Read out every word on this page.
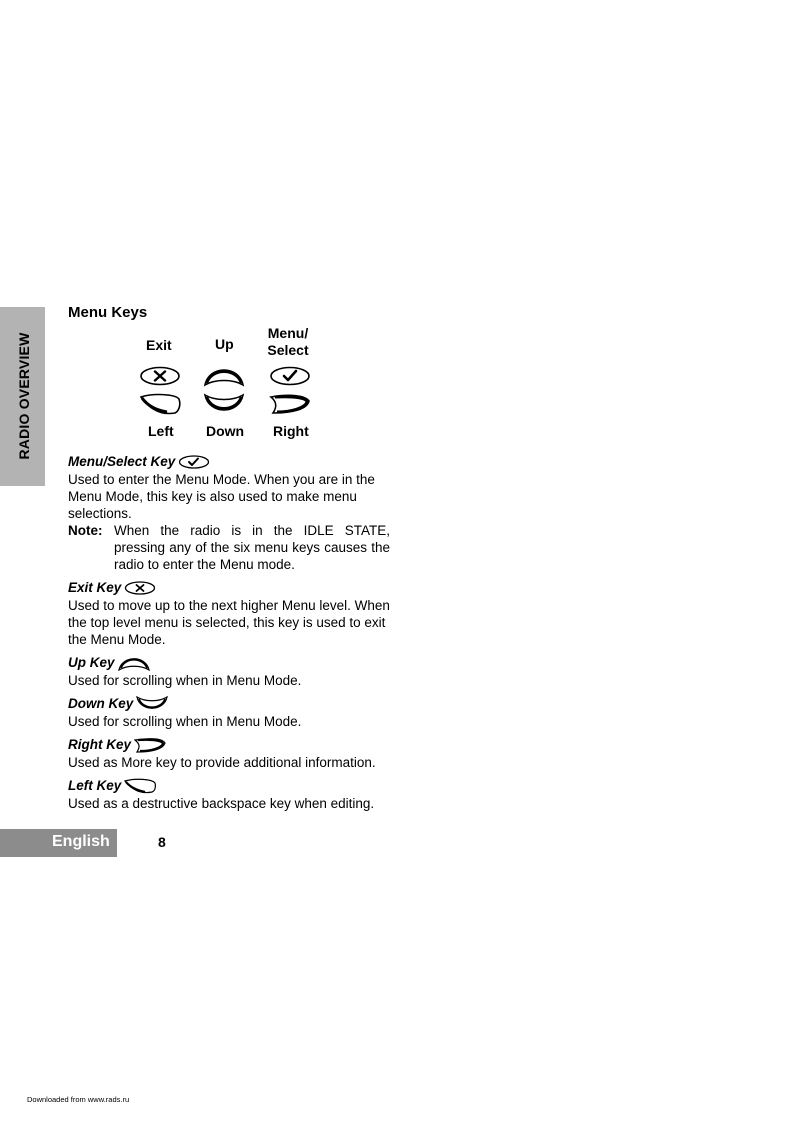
RADIO OVERVIEW
Menu Keys
Exit	Up
Menu/
Select
Left Down Right
Menu/Select Key

Used to enter the Menu Mode. When you are in the Menu Mode, this key is also used to make menu selections.

Note: When the radio is in the IDLE STATE, pressing any of the six menu keys causes the radio to enter the Menu mode.
Exit Key

Used to move up to the next higher Menu level. When the top level menu is selected, this key is used to exit the Menu Mode.

Up Key

Used for scrolling when in Menu Mode.

Down Key

Used for scrolling when in Menu Mode.

Right Key

Used as More key to provide additional information.

Left Key

Used as a destructive backspace key when editing.

English	8
Downloaded from www.rads.ru
